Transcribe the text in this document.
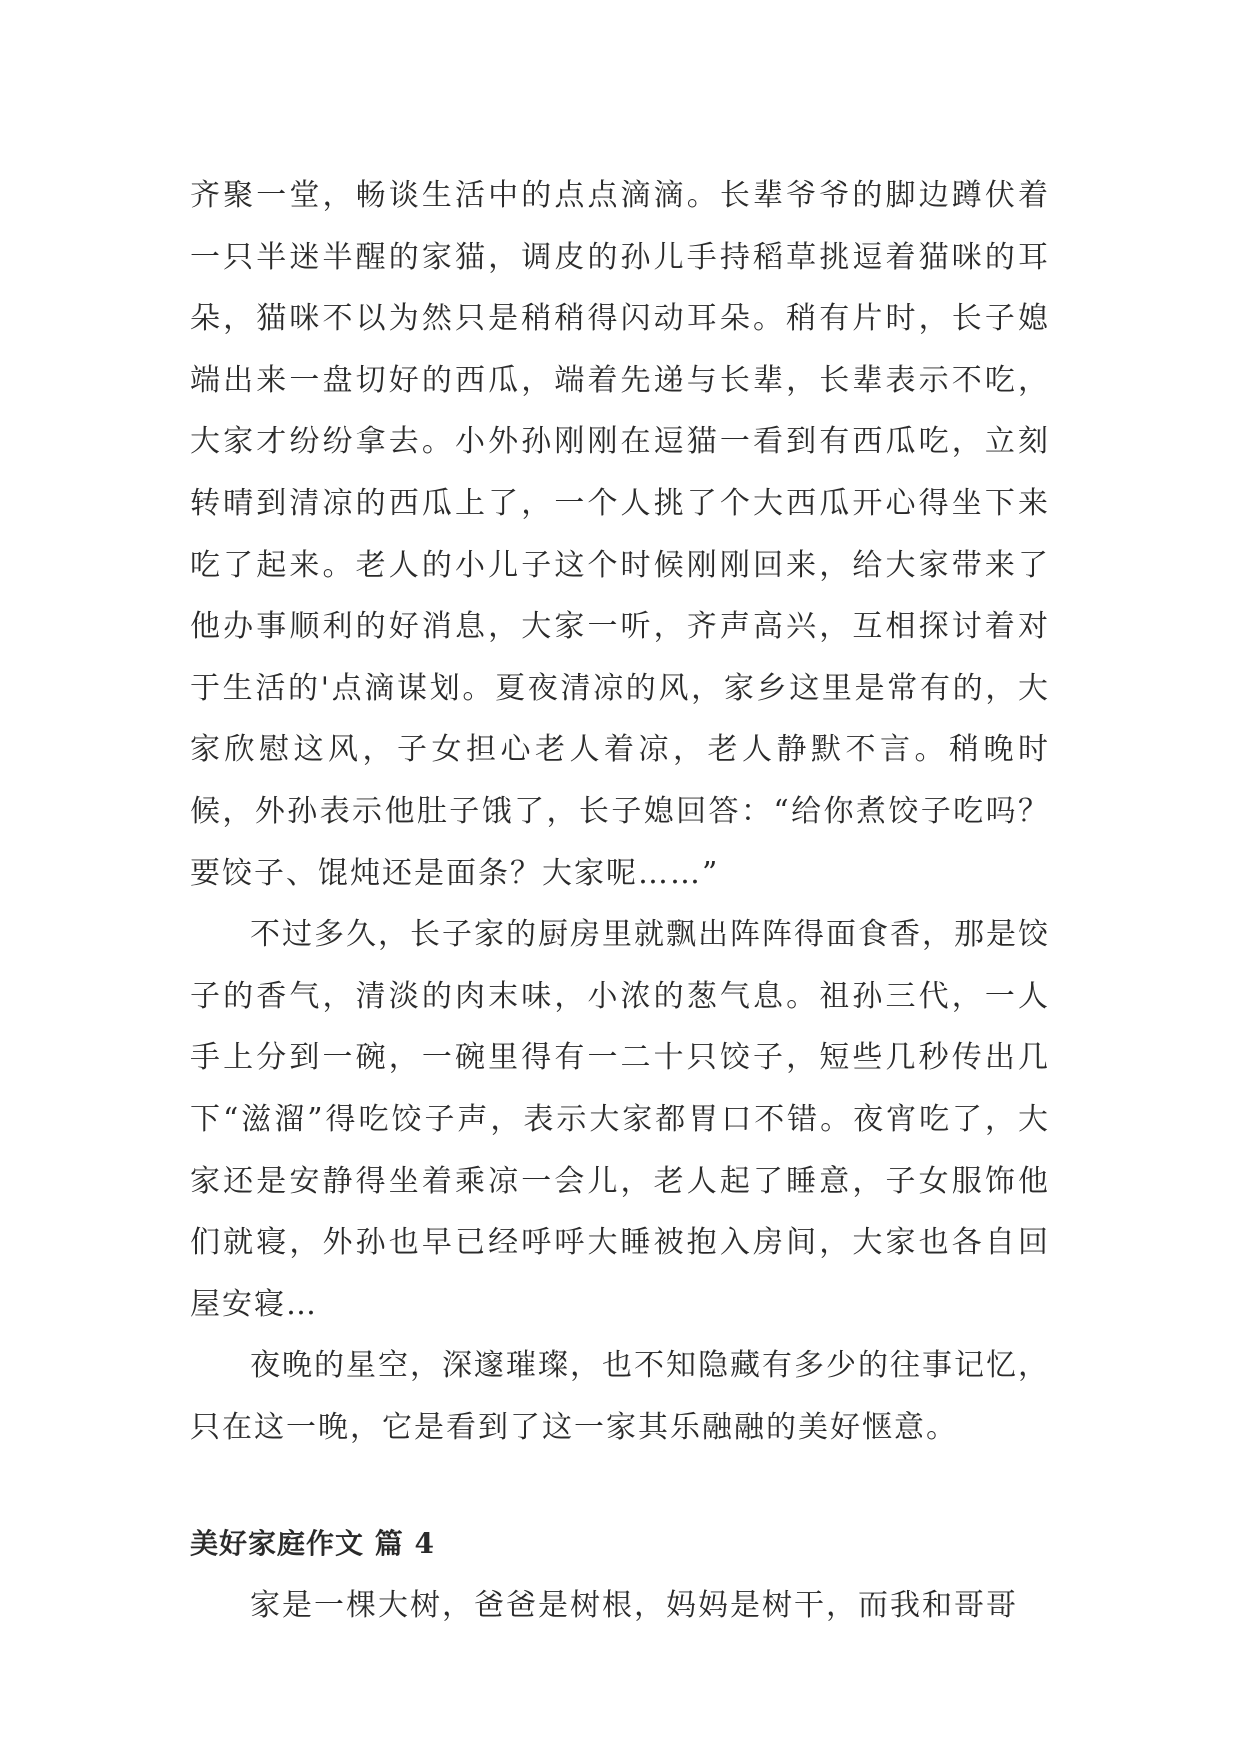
齐聚一堂，畅谈生活中的点点滴滴。长辈爷爷的脚边蹲伏着一只半迷半醒的家猫，调皮的孙儿手持稻草挑逗着猫咪的耳朵，猫咪不以为然只是稍稍得闪动耳朵。稍有片时，长子媳端出来一盘切好的西瓜，端着先递与长辈，长辈表示不吃，大家才纷纷拿去。小外孙刚刚在逗猫一看到有西瓜吃，立刻转晴到清凉的西瓜上了，一个人挑了个大西瓜开心得坐下来吃了起来。老人的小儿子这个时候刚刚回来，给大家带来了他办事顺利的好消息，大家一听，齐声高兴，互相探讨着对于生活的'点滴谋划。夏夜清凉的风，家乡这里是常有的，大家欣慰这风，子女担心老人着凉，老人静默不言。稍晚时候，外孙表示他肚子饿了，长子媳回答：“给你煮饺子吃吗？要饺子、馄炖还是面条？大家呢……”

不过多久，长子家的厨房里就飘出阵阵得面食香，那是饺子的香气，清淡的肉末味，小浓的葱气息。祖孙三代，一人手上分到一碗，一碗里得有一二十只饺子，短些几秒传出几下“滋溜”得吃饺子声，表示大家都胃口不错。夜宵吃了，大家还是安静得坐着乘凉一会儿，老人起了睡意，子女服饰他们就寝，外孙也早已经呼呼大睡被抱入房间，大家也各自回屋安寝…

夜晚的星空，深邃璀璨，也不知隐藏有多少的往事记忆，只在这一晚，它是看到了这一家其乐融融的美好惬意。

美好家庭作文 篇 4

家是一棵大树，爸爸是树根，妈妈是树干，而我和哥哥
